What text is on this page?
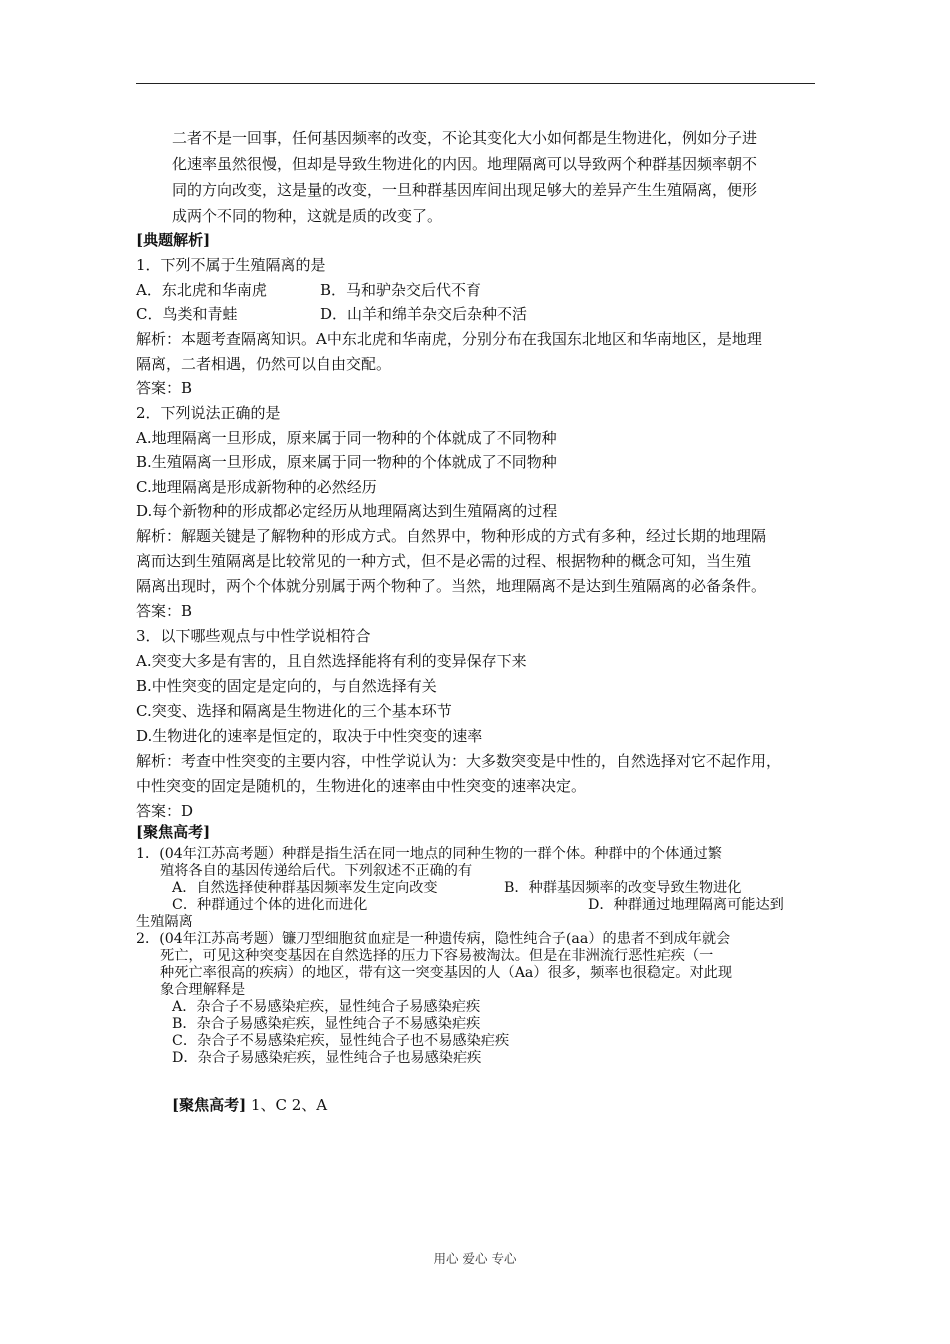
二者不是一回事，任何基因频率的改变，不论其变化大小如何都是生物进化，例如分子进
化速率虽然很慢，但却是导致生物进化的内因。地理隔离可以导致两个种群基因频率朝不
同的方向改变，这是量的改变，一旦种群基因库间出现足够大的差异产生生殖隔离，便形
成两个不同的物种，这就是质的改变了。
[典题解析]
1．下列不属于生殖隔离的是
A．东北虎和华南虎	B．马和驴杂交后代不育
C．鸟类和青蛙	D．山羊和绵羊杂交后杂种不活
解析：本题考查隔离知识。A中东北虎和华南虎，分别分布在我国东北地区和华南地区，是地理
隔离，二者相遇，仍然可以自由交配。
答案：B
2．下列说法正确的是
A.地理隔离一旦形成，原来属于同一物种的个体就成了不同物种
B.生殖隔离一旦形成，原来属于同一物种的个体就成了不同物种
C.地理隔离是形成新物种的必然经历
D.每个新物种的形成都必定经历从地理隔离达到生殖隔离的过程
解析：解题关键是了解物种的形成方式。自然界中，物种形成的方式有多种，经过长期的地理隔
离而达到生殖隔离是比较常见的一种方式，但不是必需的过程、根据物种的概念可知，当生殖
隔离出现时，两个个体就分别属于两个物种了。当然，地理隔离不是达到生殖隔离的必备条件。
答案：B
3．以下哪些观点与中性学说相符合
A.突变大多是有害的，且自然选择能将有利的变异保存下来
B.中性突变的固定是定向的，与自然选择有关
C.突变、选择和隔离是生物进化的三个基本环节
D.生物进化的速率是恒定的，取决于中性突变的速率
解析：考查中性突变的主要内容，中性学说认为：大多数突变是中性的，自然选择对它不起作用，
中性突变的固定是随机的，生物进化的速率由中性突变的速率决定。
答案：D
[聚焦高考]
1．(04年江苏高考题）种群是指生活在同一地点的同种生物的一群个体。种群中的个体通过繁
殖将各自的基因传递给后代。下列叙述不正确的有
A．自然选择使种群基因频率发生定向改变	B．种群基因频率的改变导致生物进化
C．种群通过个体的进化而进化	D．种群通过地理隔离可能达到
生殖隔离
2．(04年江苏高考题）镰刀型细胞贫血症是一种遗传病，隐性纯合子(aa）的患者不到成年就会
死亡，可见这种突变基因在自然选择的压力下容易被淘汰。但是在非洲流行恶性疟疾（一
种死亡率很高的疾病）的地区，带有这一突变基因的人（Aa）很多，频率也很稳定。对此现
象合理解释是
A．杂合子不易感染疟疾，显性纯合子易感染疟疾
B．杂合子易感染疟疾，显性纯合子不易感染疟疾
C．杂合子不易感染疟疾，显性纯合子也不易感染疟疾
D．杂合子易感染疟疾，显性纯合子也易感染疟疾
[聚焦高考] 1、C 2、A
用心 爱心 专心
